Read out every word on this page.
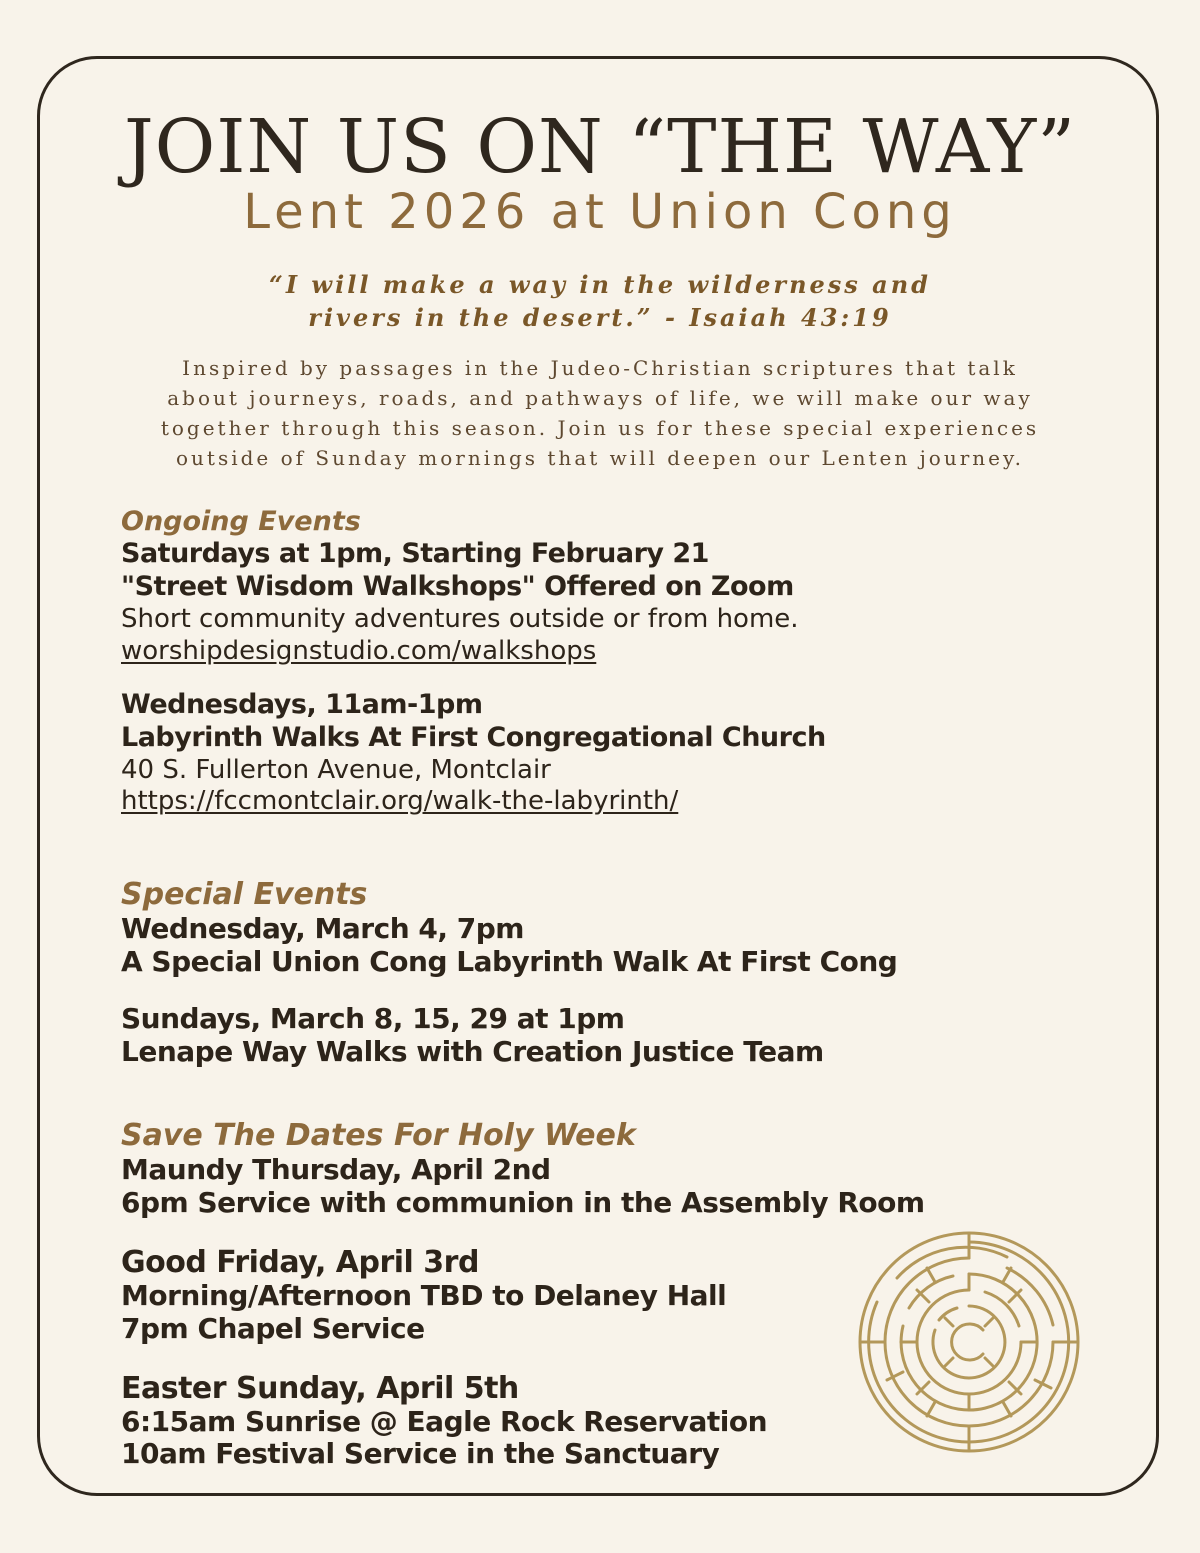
JOIN US ON “THE WAY”
Lent 2026 at Union Cong
“I will make a way in the wilderness and
rivers in the desert.” - Isaiah 43:19
Inspired by passages in the Judeo-Christian scriptures that talk
about journeys, roads, and pathways of life, we will make our way
together through this season. Join us for these special experiences
outside of Sunday mornings that will deepen our Lenten journey.
Ongoing Events
Saturdays at 1pm, Starting February 21
"Street Wisdom Walkshops" Offered on Zoom
Short community adventures outside or from home.
worshipdesignstudio.com/walkshops
Wednesdays, 11am-1pm
Labyrinth Walks At First Congregational Church
40 S. Fullerton Avenue, Montclair
https://fccmontclair.org/walk-the-labyrinth/
Special Events
Wednesday, March 4, 7pm
A Special Union Cong Labyrinth Walk At First Cong
Sundays, March 8, 15, 29 at 1pm
Lenape Way Walks with Creation Justice Team
Save The Dates For Holy Week
Maundy Thursday, April 2nd
6pm Service with communion in the Assembly Room
Good Friday, April 3rd
Morning/Afternoon TBD to Delaney Hall
7pm Chapel Service
Easter Sunday, April 5th
6:15am Sunrise @ Eagle Rock Reservation
10am Festival Service in the Sanctuary
